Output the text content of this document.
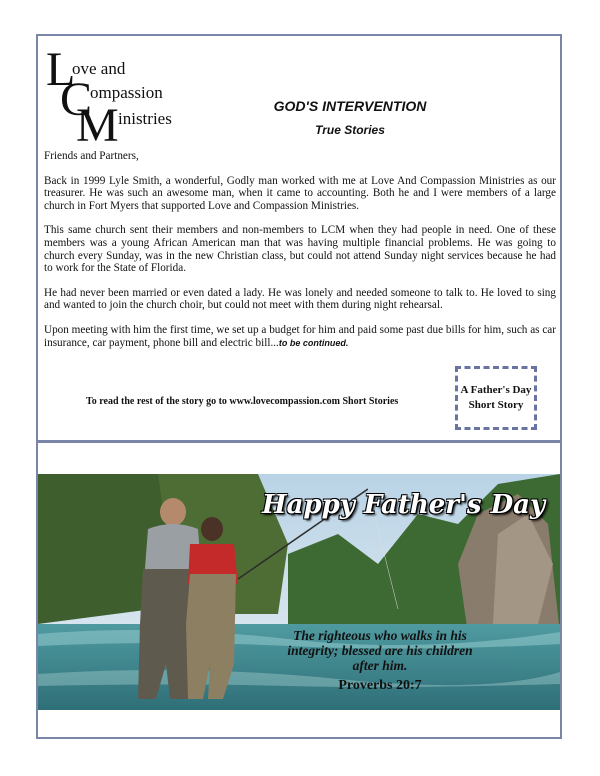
L
ove and
C
ompassion
M inistries
GOD'S INTERVENTION
True Stories

Friends and Partners,

Back in 1999 Lyle Smith, a wonderful, Godly man worked with me at Love And Compassion Ministries as our treasurer. He was such an awesome man, when it came to accounting. Both he and I were members of a large church in Fort Myers that supported Love and Compassion Ministries.

This same church sent their members and non-members to LCM when they had people in need. One of these members was a young African American man that was having multiple financial problems. He was going to church every Sunday, was in the new Christian class, but could not attend Sunday night services because he had to work for the State of Florida.

He had never been married or even dated a lady. He was lonely and needed someone to talk to. He loved to sing and wanted to join the church choir, but could not meet with them during night rehearsal.

Upon meeting with him the first time, we set up a budget for him and paid some past due bills for him, such as car insurance, car payment, phone bill and electric bill...to be continued.

To read the rest of the story go to www.lovecompassion.com Short Stories
A Father's Day Short Story
Happy Father's Day
The righteous who walks in his integrity; blessed are his children after him.
Proverbs 20:7
